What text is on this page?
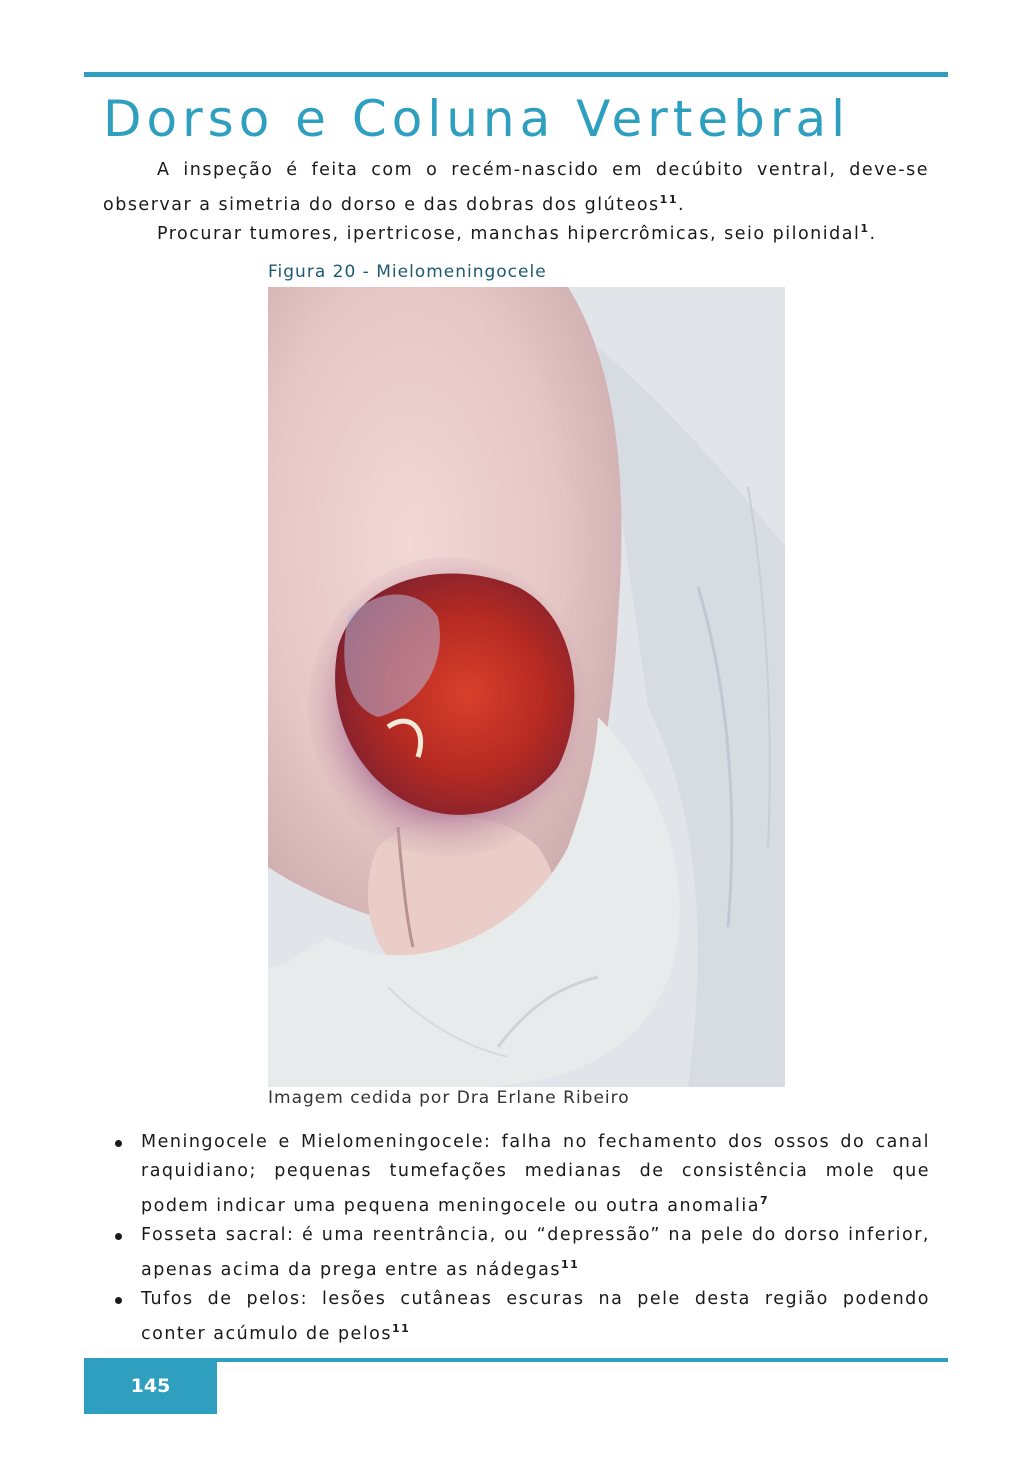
Dorso e Coluna Vertebral

A inspeção é feita com o recém-nascido em decúbito ventral, deve-se observar a simetria do dorso e das dobras dos glúteos$^{11}$.

Procurar tumores, ipertricose, manchas hipercrômicas, seio pilonidal$^1$.

Figura 20 - Mielomeningocele
Imagem cedida por Dra Erlane Ribeiro
Meningocele e Mielomeningocele: falha no fechamento dos ossos do canal raquidiano; pequenas tumefações medianas de consistência mole que podem indicar uma pequena meningocele ou outra anomalia$^7$
Fosseta sacral: é uma reentrância, ou “depressão” na pele do dorso inferior, apenas acima da prega entre as nádegas$^{11}$
Tufos de pelos: lesões cutâneas escuras na pele desta região podendo conter acúmulo de pelos$^{11}$
145
